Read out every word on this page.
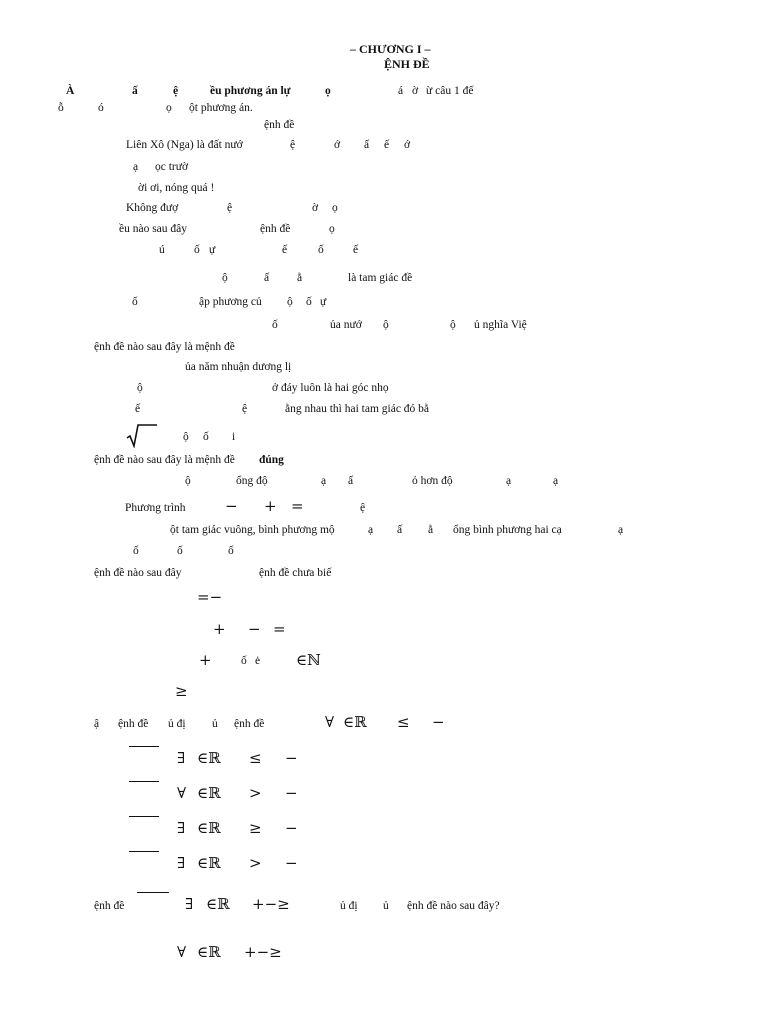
– CHƯƠNG I –
ỆNH ĐỀ
À	ấ	ệ	ều phương án lự	ọ	á ờ ừ câu 1 đế
ỗ	ó	ọ ột phương án.
ệnh đề
Liên Xô (Nga) là đất nướ	ệ	ớ ấ ế ớ
ạ ọc trườ
ời ơi, nóng quá !
Không đượ	ệ	ờ ọ
ều nào sau đây	ệnh đề	ọ
ú	ố ự	ế	ố	ế
ộ	ấ ằ	là tam giác đề
ố	ập phương củ ộ ố ự
ố	ủa nướ ộ	ộ ủ nghĩa Việ
ệnh đề nào sau đây là mệnh đề
ủa năm nhuận dương lị
ộ	ở đáy luôn là hai góc nhọ
ế	ệ	ằng nhau thì hai tam giác đó bằ
ộ ố i
ệnh đề nào sau đây là mệnh đề đúng
ộ	ổng độ	ạ ấ	ỏ hơn độ	ạ	ạ
Phương trình	− + =	ệ
ột tam giác vuông, bình phương mộ	ạ ấ ằ ổng bình phương hai cạ	ạ
ố	ố	ố
ệnh đề nào sau đây	ệnh đề chưa biế
=−
+ − =
+	ố ė ∈ℕ
≥
ậ ệnh đề ủ đị ủ ệnh đề	∀ ∈ℝ ≤ −
∃ ∈ℝ ≤ −
∀ ∈ℝ > −
∃ ∈ℝ ≥ −
∃ ∈ℝ > −
ệnh đề	∃ ∈ℝ +−≥	ủ đị ủ ệnh đề nào sau đây?
∀ ∈ℝ +−≥
